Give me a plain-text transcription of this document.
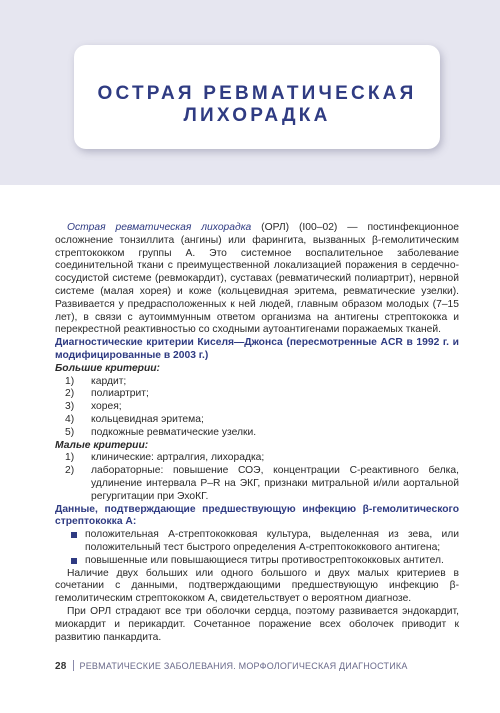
ОСТРАЯ РЕВМАТИЧЕСКАЯ
ЛИХОРАДКА

Острая ревматическая лихорадка (ОРЛ) (I00–02) — постинфекционное осложнение тонзиллита (ангины) или фарингита, вызванных β-гемолитическим стрептококком группы А. Это системное воспалительное заболевание соединительной ткани с преимущественной локализацией поражения в сердечно-сосудистой системе (ревмокардит), суставах (ревматический полиартрит), нервной системе (малая хорея) и коже (кольцевидная эритема, ревматические узелки). Развивается у предрасположенных к ней людей, главным образом молодых (7–15 лет), в связи с аутоиммунным ответом организма на антигены стрептококка и перекрестной реактивностью со сходными аутоантигенами поражаемых тканей.

Диагностические критерии Киселя—Джонса (пересмотренные ACR в 1992 г. и модифицированные в 2003 г.)

Большие критерии:

1) кардит;
2) полиартрит;
3) хорея;
4) кольцевидная эритема;
5) подкожные ревматические узелки.

Малые критерии:

1) клинические: артралгия, лихорадка;
2) лабораторные: повышение СОЭ, концентрации С-реактивного белка, удлинение интервала P–R на ЭКГ, признаки митральной и/или аортальной регургитации при ЭхоКГ.

Данные, подтверждающие предшествующую инфекцию β-гемолитического стрептококка А:

положительная А-стрептококковая культура, выделенная из зева, или положительный тест быстрого определения А-стрептококкового антигена;
повышенные или повышающиеся титры противострептококковых антител.

Наличие двух больших или одного большого и двух малых критериев в сочетании с данными, подтверждающими предшествующую инфекцию β-гемолитическим стрептококком А, свидетельствует о вероятном диагнозе.

При ОРЛ страдают все три оболочки сердца, поэтому развивается эндокардит, миокардит и перикардит. Сочетанное поражение всех оболочек приводит к развитию панкардита.

28 РЕВМАТИЧЕСКИЕ ЗАБОЛЕВАНИЯ. МОРФОЛОГИЧЕСКАЯ ДИАГНОСТИКА
